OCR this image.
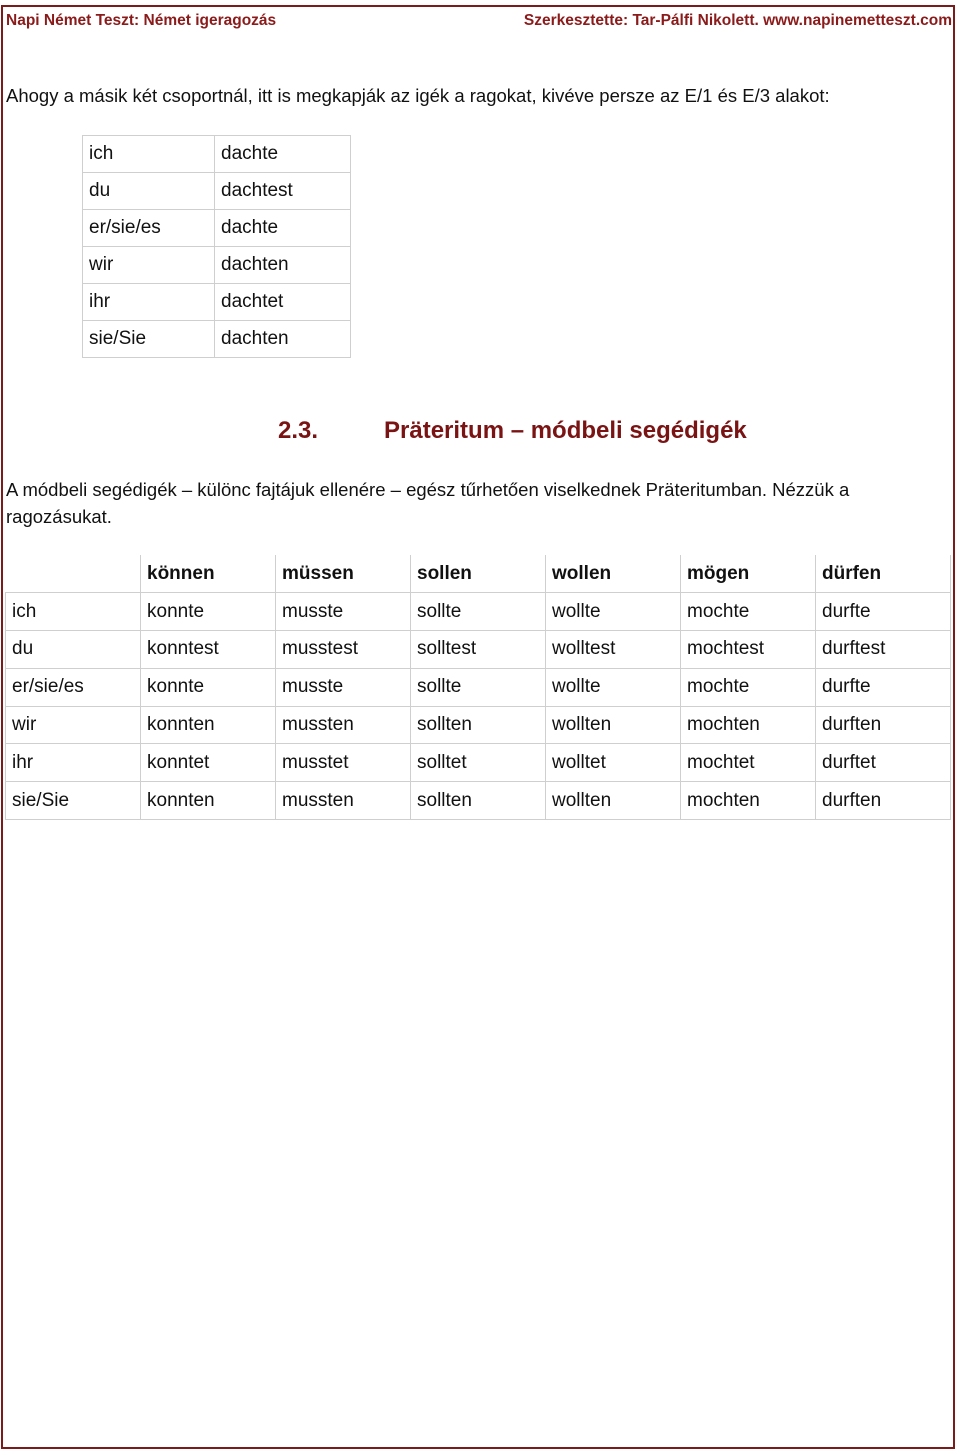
Napi Német Teszt: Német igeragozás	Szerkesztette: Tar-Pálfi Nikolett. www.napinemetteszt.com
Ahogy a másik két csoportnál, itt is megkapják az igék a ragokat, kivéve persze az E/1 és E/3 alakot:
ich	dachte
du	dachtest
er/sie/es	dachte
wir	dachten
ihr	dachtet
sie/Sie	dachten
2.3.	Präteritum – módbeli segédigék
A módbeli segédigék – különc fajtájuk ellenére – egész tűrhetően viselkednek Präteritumban. Nézzük a ragozásukat.
	können	müssen	sollen	wollen	mögen	dürfen
ich	konnte	musste	sollte	wollte	mochte	durfte
du	konntest	musstest	solltest	wolltest	mochtest	durftest
er/sie/es	konnte	musste	sollte	wollte	mochte	durfte
wir	konnten	mussten	sollten	wollten	mochten	durften
ihr	konntet	musstet	solltet	wolltet	mochtet	durftet
sie/Sie	konnten	mussten	sollten	wollten	mochten	durften
